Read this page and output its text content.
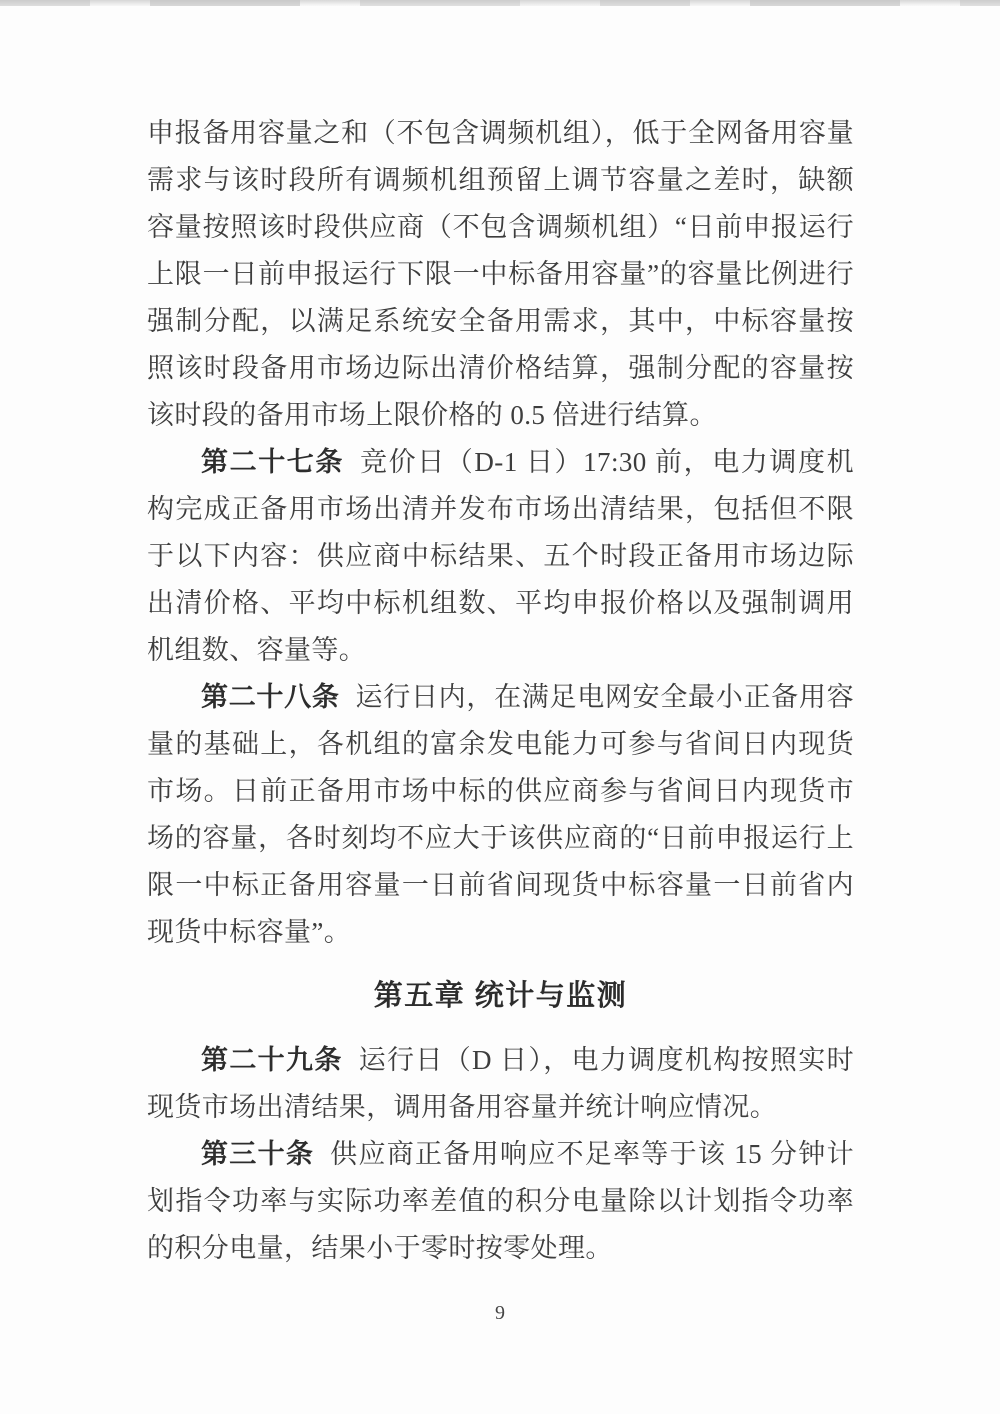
申报备用容量之和（不包含调频机组），低于全网备用容量需求与该时段所有调频机组预留上调节容量之差时，缺额容量按照该时段供应商（不包含调频机组）“日前申报运行上限一日前申报运行下限一中标备用容量”的容量比例进行强制分配，以满足系统安全备用需求，其中，中标容量按照该时段备用市场边际出清价格结算，强制分配的容量按该时段的备用市场上限价格的 0.5 倍进行结算。

第二十七条 竞价日（D-1 日）17:30 前，电力调度机构完成正备用市场出清并发布市场出清结果，包括但不限于以下内容：供应商中标结果、五个时段正备用市场边际出清价格、平均中标机组数、平均申报价格以及强制调用机组数、容量等。

第二十八条 运行日内，在满足电网安全最小正备用容量的基础上，各机组的富余发电能力可参与省间日内现货市场。日前正备用市场中标的供应商参与省间日内现货市场的容量，各时刻均不应大于该供应商的“日前申报运行上限一中标正备用容量一日前省间现货中标容量一日前省内现货中标容量”。

第五章 统计与监测

第二十九条 运行日（D 日），电力调度机构按照实时现货市场出清结果，调用备用容量并统计响应情况。

第三十条 供应商正备用响应不足率等于该 15 分钟计划指令功率与实际功率差值的积分电量除以计划指令功率的积分电量，结果小于零时按零处理。

9
